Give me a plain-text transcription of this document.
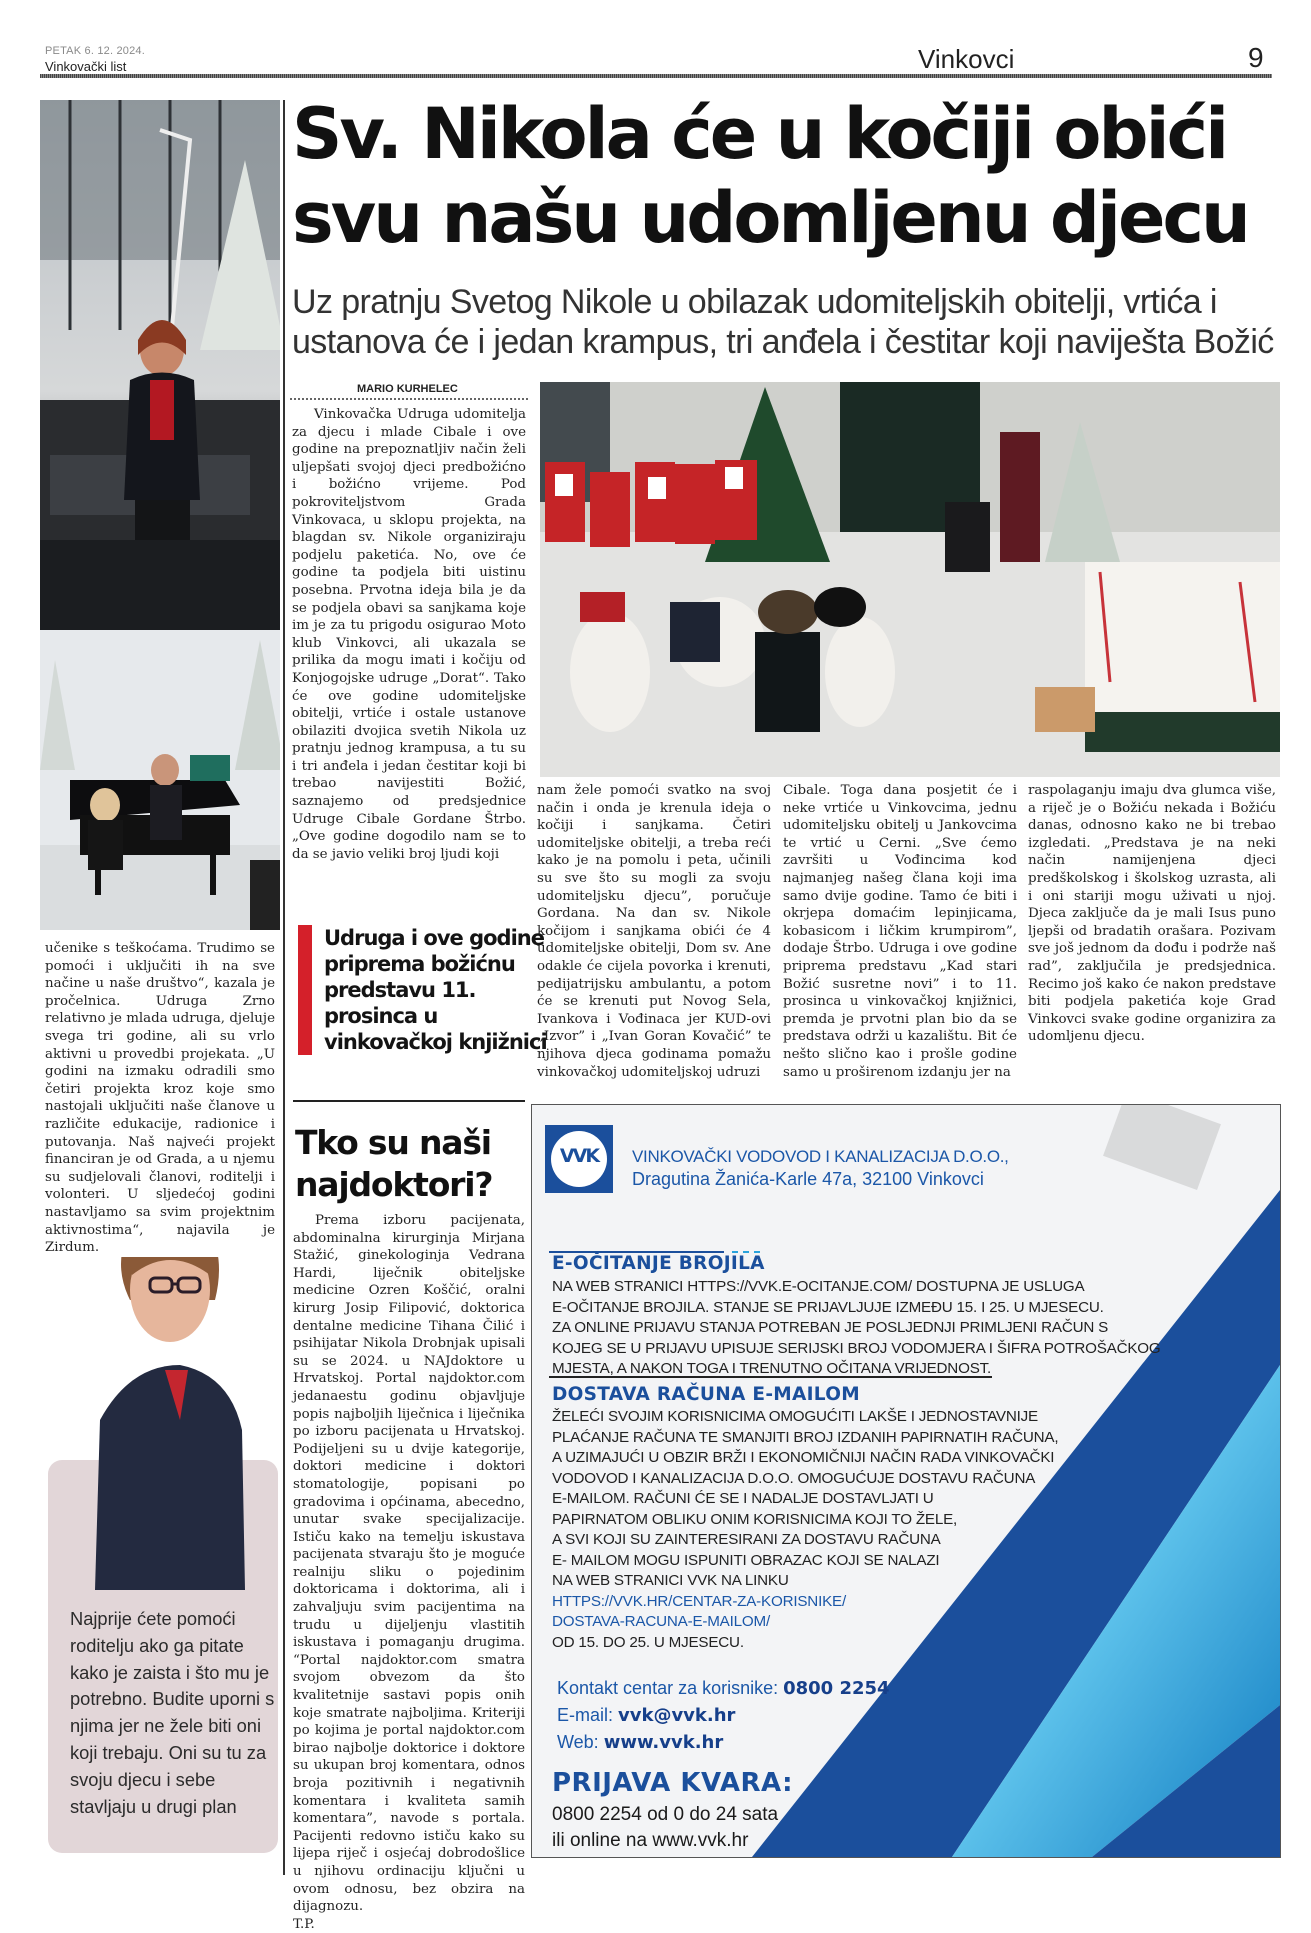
PETAK 6. 12. 2024.
Vinkovački list	Vinkovci	9
učenike s teškoćama. Trudimo se pomoći i uključiti ih na sve načine u naše društvo“, kazala je pročelnica. Udruga Zrno relativno je mlada udruga, djeluje svega tri godine, ali su vrlo aktivni u provedbi projekata. „U godini na izmaku odradili smo četiri projekta kroz koje smo nastojali uključiti naše članove u različite edukacije, radionice i putovanja. Naš najveći projekt financiran je od Grada, a u njemu su sudjelovali članovi, roditelji i volonteri. U sljedećoj godini nastavljamo sa svim projektnim aktivnostima“, najavila je Zirdum.
Najprije ćete pomoći roditelju ako ga pitate kako je zaista i što mu je potrebno. Budite uporni s njima jer ne žele biti oni koji trebaju. Oni su tu za svoju djecu i sebe stavljaju u drugi plan
Sv. Nikola će u kočiji obići
svu našu udomljenu djecu
Uz pratnju Svetog Nikole u obilazak udomiteljskih obitelji, vrtića i ustanova će i jedan krampus, tri anđela i čestitar koji naviješta Božić
MARIO KURHELEC
Vinkovačka Udruga udomitelja za djecu i mlade Cibale i ove godine na prepoznatljiv način želi uljepšati svojoj djeci predbožićno i božićno vrijeme. Pod pokroviteljstvom Grada Vinkovaca, u sklopu projekta, na blagdan sv. Nikole organiziraju podjelu paketića. No, ove će godine ta podjela biti uistinu posebna. Prvotna ideja bila je da se podjela obavi sa sanjkama koje im je za tu prigodu osigurao Moto klub Vinkovci, ali ukazala se prilika da mogu imati i kočiju od Konjogojske udruge „Dorat“. Tako će ove godine udomiteljske obitelji, vrtiće i ostale ustanove obilaziti dvojica svetih Nikola uz pratnju jednog krampusa, a tu su i tri anđela i jedan čestitar koji bi trebao navijestiti Božić, saznajemo od predsjednice Udruge Cibale Gordane Štrbo. „Ove godine dogodilo nam se to da se javio veliki broj ljudi koji
nam žele pomoći svatko na svoj način i onda je krenula ideja o kočiji i sanjkama. Četiri udomiteljske obitelji, a treba reći kako je na pomolu i peta, učinili su sve što su mogli za svoju udomiteljsku djecu”, poručuje Gordana. Na dan sv. Nikole kočijom i sanjkama obići će 4 udomiteljske obitelji, Dom sv. Ane odakle će cijela povorka i krenuti, pedijatrijsku ambulantu, a potom će se krenuti put Novog Sela, Ivankova i Vođinaca jer KUD-ovi „Izvor” i „Ivan Goran Kovačić” te njihova djeca godinama pomažu vinkovačkoj udomiteljskoj udruzi
Cibale. Toga dana posjetit će i neke vrtiće u Vinkovcima, jednu udomiteljsku obitelj u Jankovcima te vrtić u Cerni. „Sve ćemo završiti u Vođincima kod najmanjeg našeg člana koji ima samo dvije godine. Tamo će biti i okrjepa domaćim lepinjicama, kobasicom i ličkim krumpirom”, dodaje Štrbo. Udruga i ove godine priprema predstavu „Kad stari Božić susretne novi” i to 11. prosinca u vinkovačkoj knjižnici, premda je prvotni plan bio da se predstava održi u kazalištu. Bit će nešto slično kao i prošle godine samo u proširenom izdanju jer na
raspolaganju imaju dva glumca više, a riječ je o Božiću nekada i Božiću danas, odnosno kako ne bi trebao izgledati. „Predstava je na neki način namijenjena djeci predškolskog i školskog uzrasta, ali i oni stariji mogu uživati u njoj. Djeca zaključe da je mali Isus puno ljepši od bradatih orašara. Pozivam sve još jednom da dođu i podrže naš rad”, zaključila je predsjednica. Recimo još kako će nakon predstave biti podjela paketića koje Grad Vinkovci svake godine organizira za udomljenu djecu.
Udruga i ove godine priprema božićnu predstavu 11. prosinca u vinkovačkoj knjižnici
Tko su naši najdoktori?
Prema izboru pacijenata, abdominalna kirurginja Mirjana Stažić, ginekologinja Vedrana Hardi, liječnik obiteljske medicine Ozren Koščić, oralni kirurg Josip Filipović, doktorica dentalne medicine Tihana Čilić i psihijatar Nikola Drobnjak upisali su se 2024. u NAJdoktore u Hrvatskoj. Portal najdoktor.com jedanaestu godinu objavljuje popis najboljih liječnica i liječnika po izboru pacijenata u Hrvatskoj. Podijeljeni su u dvije kategorije, doktori medicine i doktori stomatologije, popisani po gradovima i općinama, abecedno, unutar svake specijalizacije. Ističu kako na temelju iskustava pacijenata stvaraju što je moguće realniju sliku o pojedinim doktoricama i doktorima, ali i zahvaljuju svim pacijentima na trudu u dijeljenju vlastitih iskustava i pomaganju drugima. “Portal najdoktor.com smatra svojom obvezom da što kvalitetnije sastavi popis onih koje smatrate najboljima. Kriteriji po kojima je portal najdoktor.com birao najbolje doktorice i doktore su ukupan broj komentara, odnos broja pozitivnih i negativnih komentara i kvaliteta samih komentara”, navode s portala. Pacijenti redovno ističu kako su lijepa riječ i osjećaj dobrodošlice u njihovu ordinaciju ključni u ovom odnosu, bez obzira na dijagnozu.
T.P.
VVK	VINKOVAČKI VODOVOD I KANALIZACIJA D.O.O.,
Dragutina Žanića-Karle 47a, 32100 Vinkovci
E-OČITANJE BROJILA
NA WEB STRANICI HTTPS://VVK.E-OCITANJE.COM/ DOSTUPNA JE USLUGA
E-OČITANJE BROJILA. STANJE SE PRIJAVLJUJE IZMEĐU 15. I 25. U MJESECU.
ZA ONLINE PRIJAVU STANJA POTREBAN JE POSLJEDNJI PRIMLJENI RAČUN S
KOJEG SE U PRIJAVU UPISUJE SERIJSKI BROJ VODOMJERA I ŠIFRA POTROŠAČKOG
MJESTA, A NAKON TOGA I TRENUTNO OČITANA VRIJEDNOST.
DOSTAVA RAČUNA E-MAILOM
ŽELEĆI SVOJIM KORISNICIMA OMOGUĆITI LAKŠE I JEDNOSTAVNIJE
PLAĆANJE RAČUNA TE SMANJITI BROJ IZDANIH PAPIRNATIH RAČUNA,
A UZIMAJUĆI U OBZIR BRŽI I EKONOMIČNIJI NAČIN RADA VINKOVAČKI
VODOVOD I KANALIZACIJA D.O.O. OMOGUĆUJE DOSTAVU RAČUNA
E-MAILOM. RAČUNI ĆE SE I NADALJE DOSTAVLJATI U
PAPIRNATOM OBLIKU ONIM KORISNICIMA KOJI TO ŽELE,
A SVI KOJI SU ZAINTERESIRANI ZA DOSTAVU RAČUNA
E- MAILOM MOGU ISPUNITI OBRAZAC KOJI SE NALAZI
NA WEB STRANICI VVK NA LINKU
HTTPS://VVK.HR/CENTAR-ZA-KORISNIKE/
DOSTAVA-RACUNA-E-MAILOM/
OD 15. DO 25. U MJESECU.
Kontakt centar za korisnike: 0800 2254
E-mail: vvk@vvk.hr
Web: www.vvk.hr
PRIJAVA KVARA:
0800 2254 od 0 do 24 sata
ili online na www.vvk.hr
